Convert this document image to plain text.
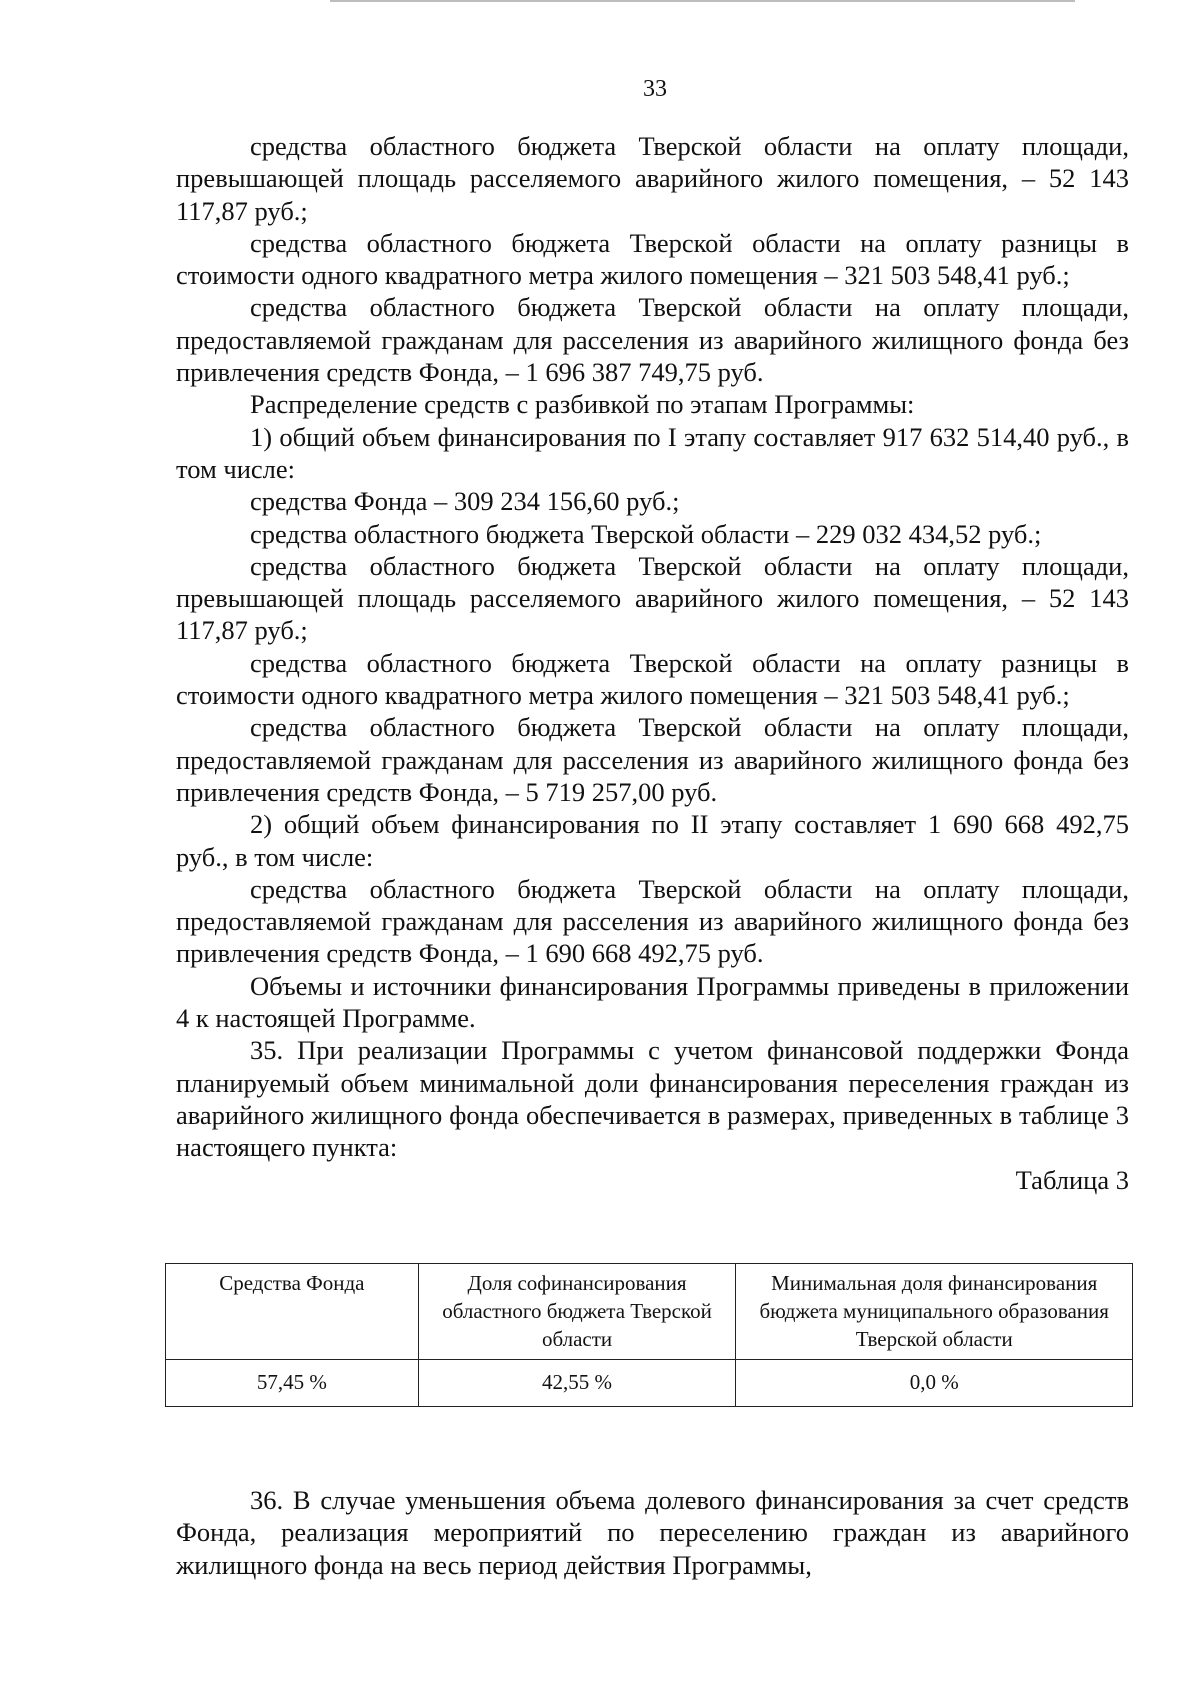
33

средства областного бюджета Тверской области на оплату площади, превышающей площадь расселяемого аварийного жилого помещения, – 52 143 117,87 руб.;

средства областного бюджета Тверской области на оплату разницы в стоимости одного квадратного метра жилого помещения – 321 503 548,41 руб.;

средства областного бюджета Тверской области на оплату площади, предоставляемой гражданам для расселения из аварийного жилищного фонда без привлечения средств Фонда, – 1 696 387 749,75 руб.

Распределение средств с разбивкой по этапам Программы:

1) общий объем финансирования по I этапу составляет 917 632 514,40 руб., в том числе:

средства Фонда – 309 234 156,60 руб.;

средства областного бюджета Тверской области – 229 032 434,52 руб.;

средства областного бюджета Тверской области на оплату площади, превышающей площадь расселяемого аварийного жилого помещения, – 52 143 117,87 руб.;

средства областного бюджета Тверской области на оплату разницы в стоимости одного квадратного метра жилого помещения – 321 503 548,41 руб.;

средства областного бюджета Тверской области на оплату площади, предоставляемой гражданам для расселения из аварийного жилищного фонда без привлечения средств Фонда, – 5 719 257,00 руб.

2) общий объем финансирования по II этапу составляет 1 690 668 492,75 руб., в том числе:

средства областного бюджета Тверской области на оплату площади, предоставляемой гражданам для расселения из аварийного жилищного фонда без привлечения средств Фонда, – 1 690 668 492,75 руб.

Объемы и источники финансирования Программы приведены в приложении 4 к настоящей Программе.

35. При реализации Программы с учетом финансовой поддержки Фонда планируемый объем минимальной доли финансирования переселения граждан из аварийного жилищного фонда обеспечивается в размерах, приведенных в таблице 3 настоящего пункта:

Таблица 3

Средства Фонда	Доля софинансирования областного бюджета Тверской области	Минимальная доля финансирования бюджета муниципального образования Тверской области
57,45 %	42,55 %	0,0 %

36. В случае уменьшения объема долевого финансирования за счет средств Фонда, реализация мероприятий по переселению граждан из аварийного жилищного фонда на весь период действия Программы,
